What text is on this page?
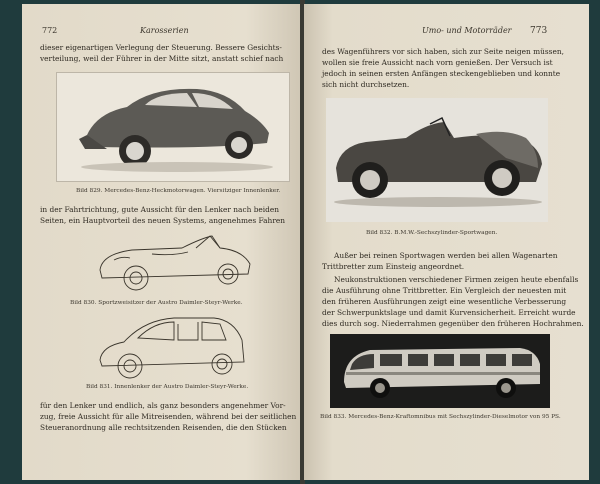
772	Karosserien
dieser eigenartigen Verlegung der Steuerung. Bessere Gesichts-
verteilung, weil der Führer in der Mitte sitzt, anstatt schief nach
Bild 829. Mercedes-Benz-Heckmotorwagen. Viersitziger Innenlenker.
in der Fahrtrichtung, gute Aussicht für den Lenker nach beiden
Seiten, ein Hauptvorteil des neuen Systems, angenehmes Fahren
Bild 830. Sportzweisitzer der Austro Daimler-Steyr-Werke.
Bild 831. Innenlenker der Austro Daimler-Steyr-Werke.
für den Lenker und endlich, als ganz besonders angenehmer Vor-
zug, freie Aussicht für alle Mitreisenden, während bei der seitlichen
Steueranordnung alle rechtsitzenden Reisenden, die den Stücken
Umo- und Motorräder 773
des Wagenführers vor sich haben, sich zur Seite neigen müssen,
wollen sie freie Aussicht nach vorn genießen. Der Versuch ist
jedoch in seinen ersten Anfängen steckengeblieben und konnte
sich nicht durchsetzen.
Bild 832. B.M.W.-Sechszylinder-Sportwagen.
Außer bei reinen Sportwagen werden bei allen Wagenarten
Trittbretter zum Einsteig angeordnet.
Neukonstruktionen verschiedener Firmen zeigen heute ebenfalls
die Ausführung ohne Trittbretter. Ein Vergleich der neuesten mit
den früheren Ausführungen zeigt eine wesentliche Verbesserung
der Schwerpunktslage und damit Kurvensicherheit. Erreicht wurde
dies durch sog. Niederrahmen gegenüber den früheren Hochrahmen.
Bild 833. Mercedes-Benz-Kraftomnibus mit Sechszylinder-Dieselmotor von 95 PS.
